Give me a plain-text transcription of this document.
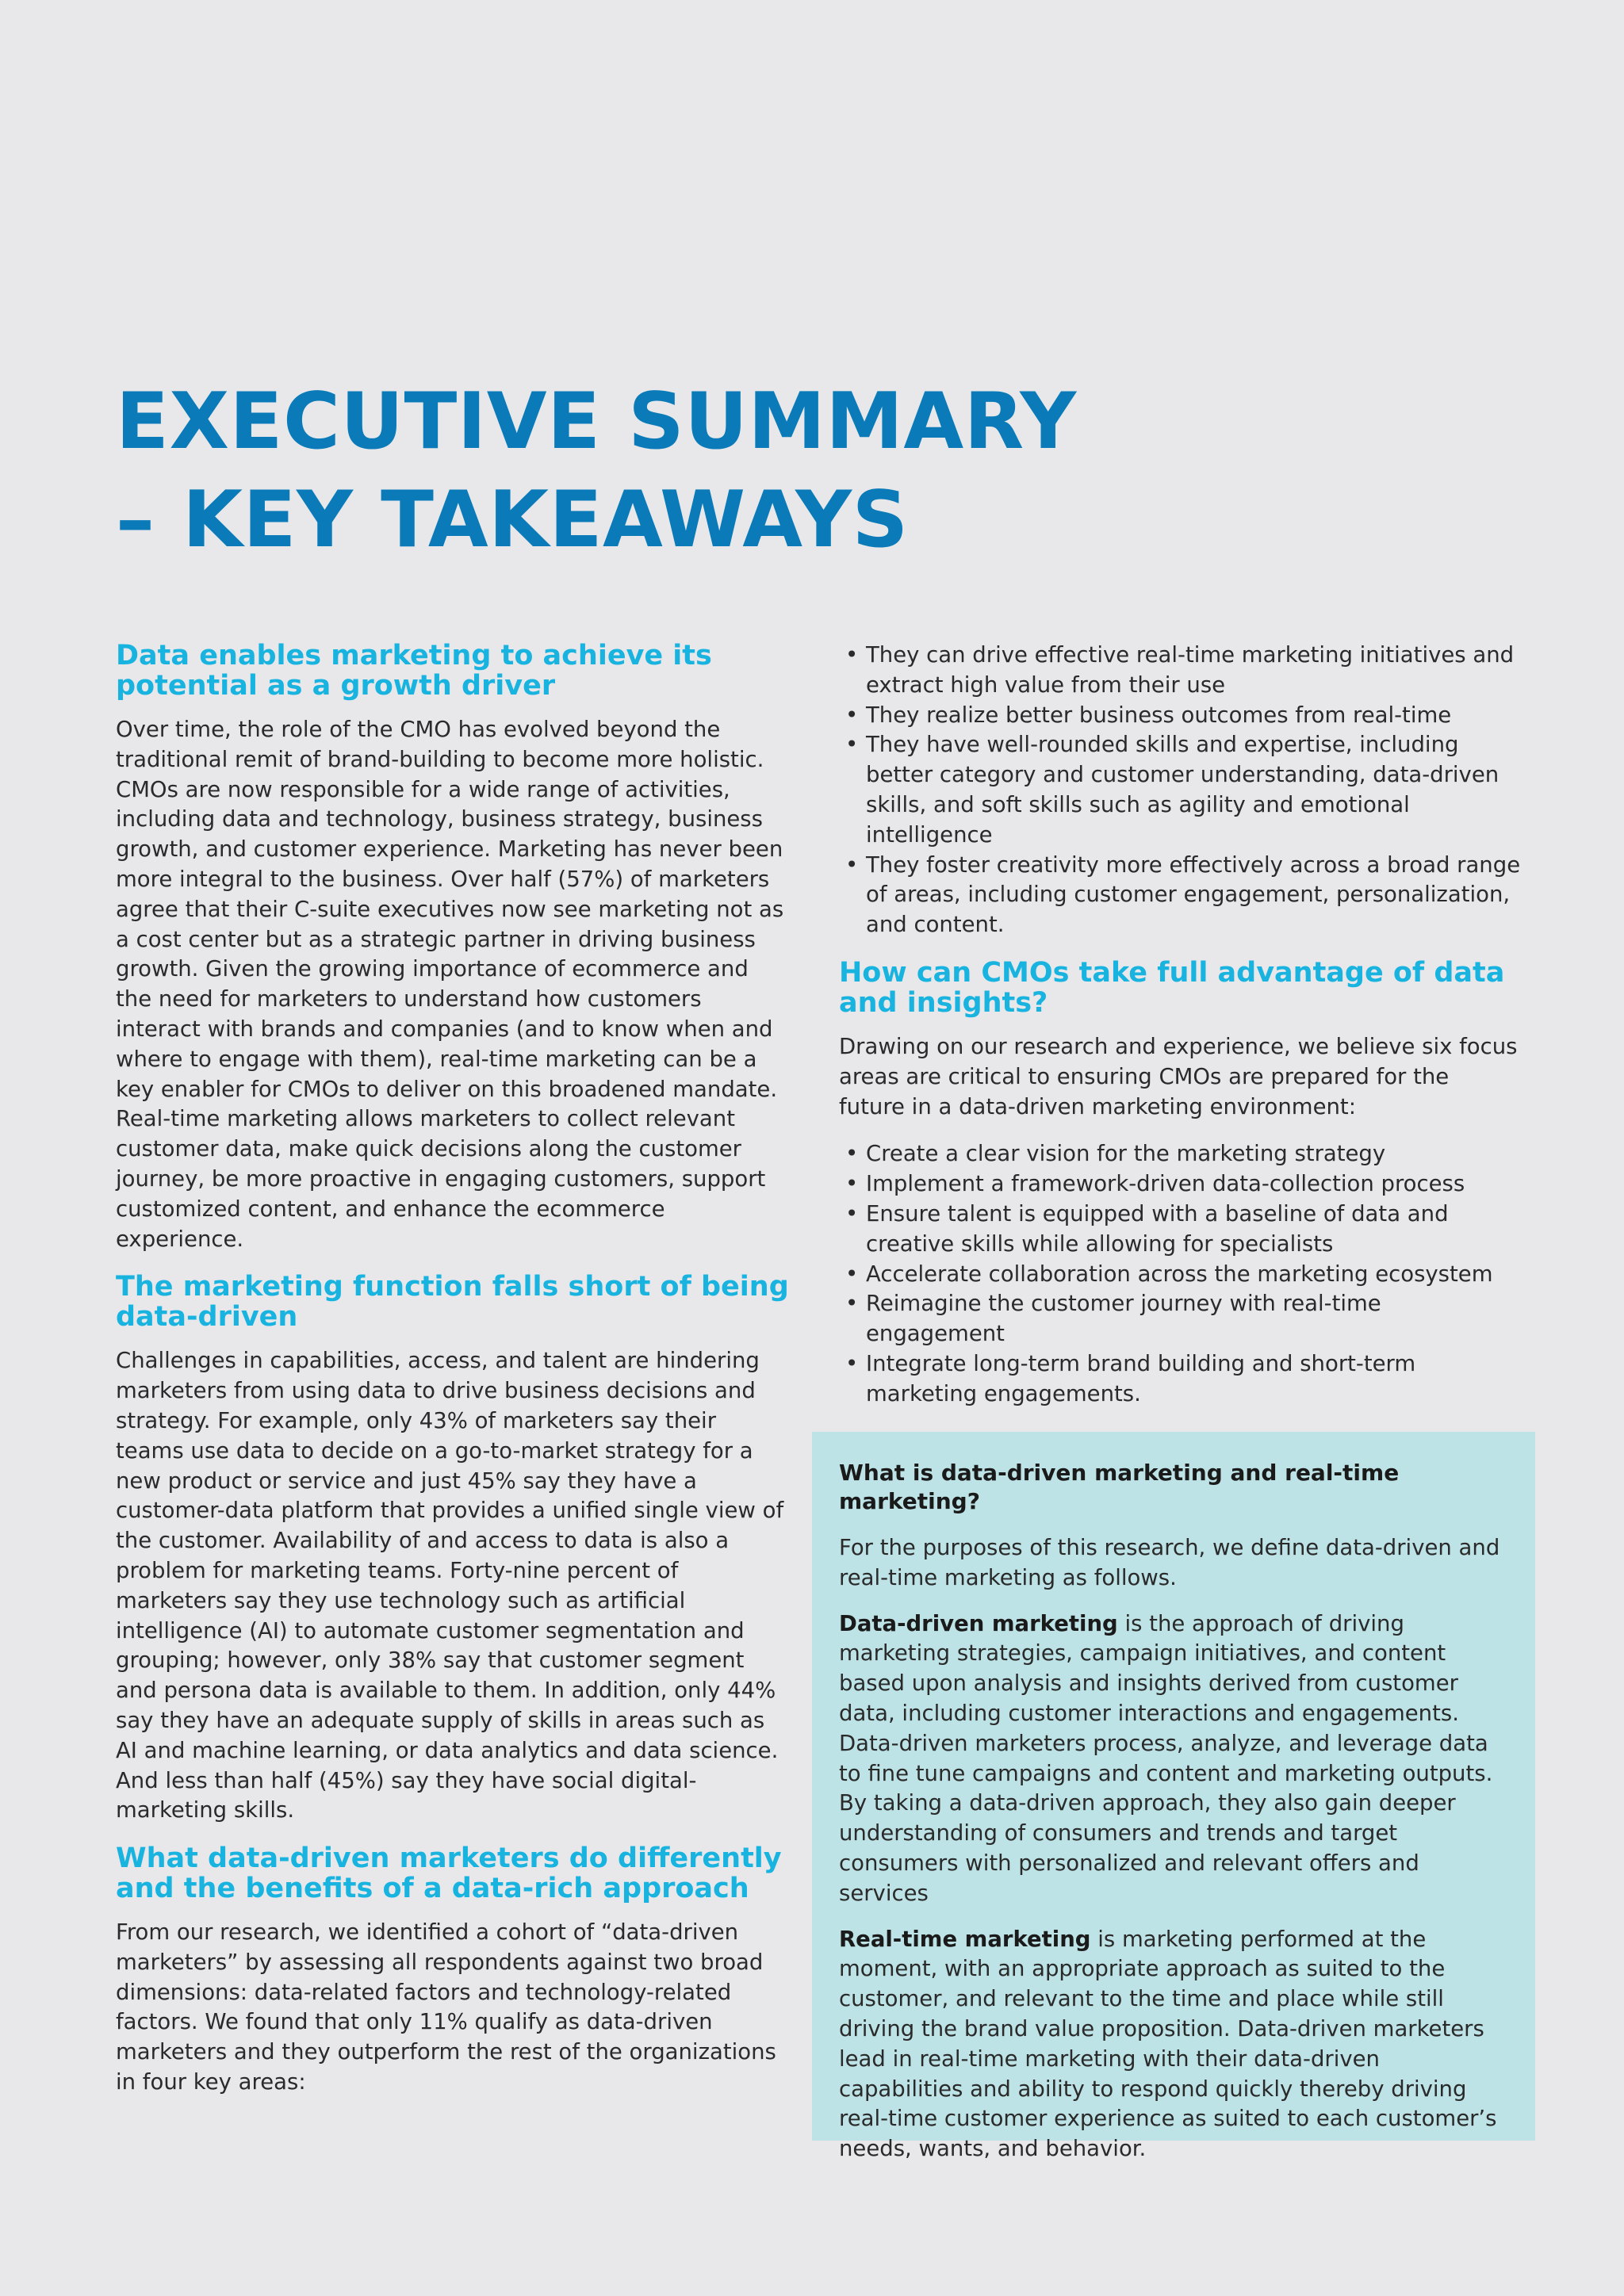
EXECUTIVE SUMMARY
– KEY TAKEAWAYS
Data enables marketing to achieve its potential as a growth driver

Over time, the role of the CMO has evolved beyond the traditional remit of brand-building to become more holistic. CMOs are now responsible for a wide range of activities, including data and technology, business strategy, business growth, and customer experience. Marketing has never been more integral to the business. Over half (57%) of marketers agree that their C-suite executives now see marketing not as a cost center but as a strategic partner in driving business growth. Given the growing importance of ecommerce and the need for marketers to understand how customers interact with brands and companies (and to know when and where to engage with them), real-time marketing can be a key enabler for CMOs to deliver on this broadened mandate. Real-time marketing allows marketers to collect relevant customer data, make quick decisions along the customer journey, be more proactive in engaging customers, support customized content, and enhance the ecommerce experience.

The marketing function falls short of being data-driven

Challenges in capabilities, access, and talent are hindering marketers from using data to drive business decisions and strategy. For example, only 43% of marketers say their teams use data to decide on a go-to-market strategy for a new product or service and just 45% say they have a customer-data platform that provides a unified single view of the customer. Availability of and access to data is also a problem for marketing teams. Forty-nine percent of marketers say they use technology such as artificial intelligence (AI) to automate customer segmentation and grouping; however, only 38% say that customer segment and persona data is available to them. In addition, only 44% say they have an adequate supply of skills in areas such as AI and machine learning, or data analytics and data science. And less than half (45%) say they have social digital-marketing skills.

What data-driven marketers do differently and the benefits of a data-rich approach

From our research, we identified a cohort of “data-driven marketers” by assessing all respondents against two broad dimensions: data-related factors and technology-related factors. We found that only 11% qualify as data-driven marketers and they outperform the rest of the organizations in four key areas:

• They can drive effective real-time marketing initiatives and extract high value from their use
• They realize better business outcomes from real-time
• They have well-rounded skills and expertise, including better category and customer understanding, data-driven skills, and soft skills such as agility and emotional intelligence
• They foster creativity more effectively across a broad range of areas, including customer engagement, personalization, and content.
How can CMOs take full advantage of data and insights?

Drawing on our research and experience, we believe six focus areas are critical to ensuring CMOs are prepared for the future in a data-driven marketing environment:

• Create a clear vision for the marketing strategy
• Implement a framework-driven data-collection process
• Ensure talent is equipped with a baseline of data and creative skills while allowing for specialists
• Accelerate collaboration across the marketing ecosystem
• Reimagine the customer journey with real-time engagement
• Integrate long-term brand building and short-term marketing engagements.
What is data-driven marketing and real-time marketing?

For the purposes of this research, we define data-driven and real-time marketing as follows.

Data-driven marketing is the approach of driving marketing strategies, campaign initiatives, and content based upon analysis and insights derived from customer data, including customer interactions and engagements. Data-driven marketers process, analyze, and leverage data to fine tune campaigns and content and marketing outputs. By taking a data-driven approach, they also gain deeper understanding of consumers and trends and target consumers with personalized and relevant offers and services

Real-time marketing is marketing performed at the moment, with an appropriate approach as suited to the customer, and relevant to the time and place while still driving the brand value proposition. Data-driven marketers lead in real-time marketing with their data-driven capabilities and ability to respond quickly thereby driving real-time customer experience as suited to each customer’s needs, wants, and behavior.
